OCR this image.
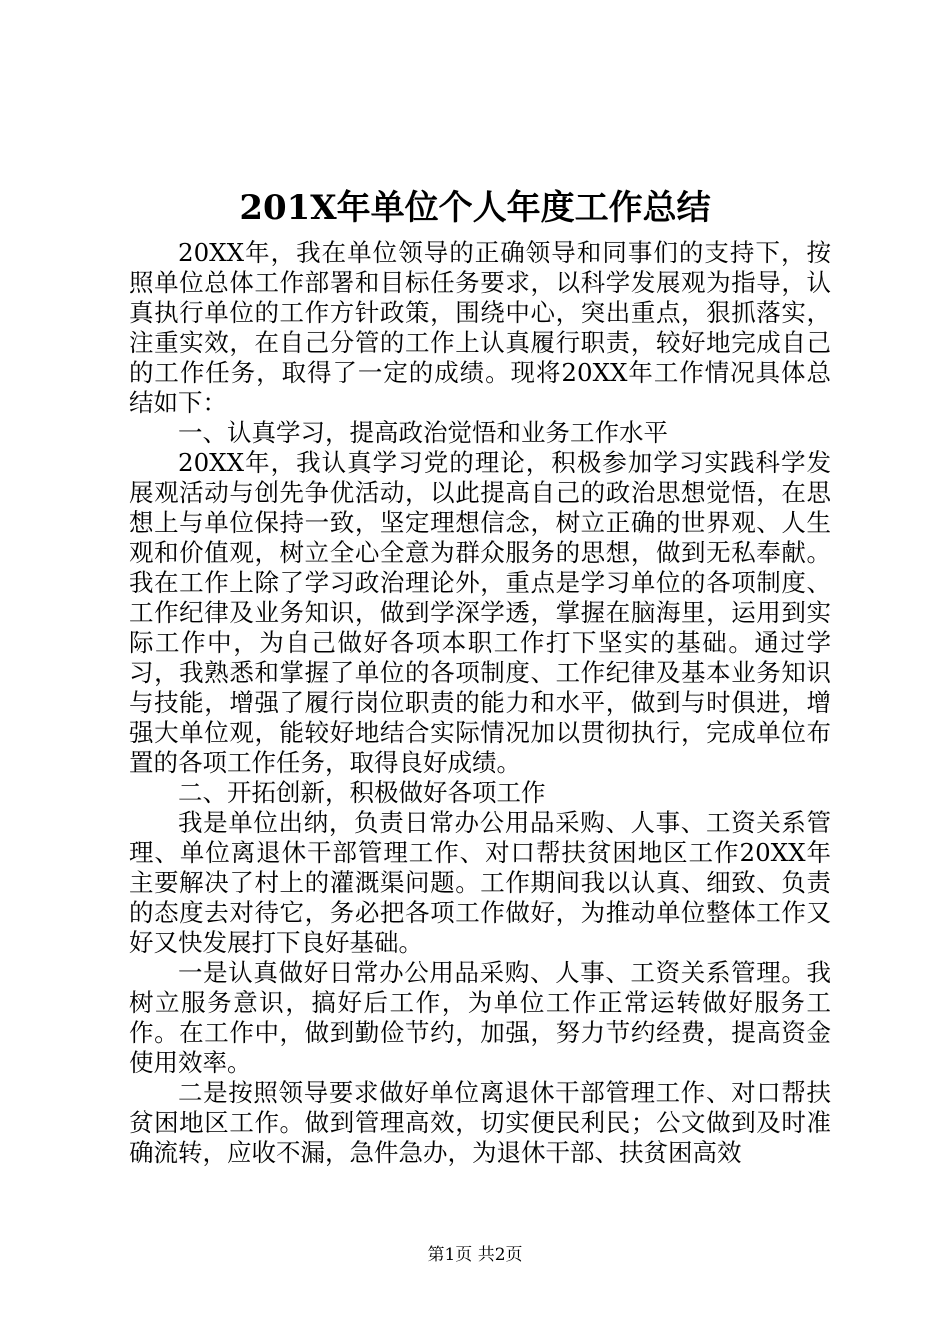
201X年单位个人年度工作总结

20XX年，我在单位领导的正确领导和同事们的支持下，按照单位总体工作部署和目标任务要求，以科学发展观为指导，认真执行单位的工作方针政策，围绕中心，突出重点，狠抓落实，注重实效，在自己分管的工作上认真履行职责，较好地完成自己的工作任务，取得了一定的成绩。现将20XX年工作情况具体总结如下：

一、认真学习，提高政治觉悟和业务工作水平

20XX年，我认真学习党的理论，积极参加学习实践科学发展观活动与创先争优活动，以此提高自己的政治思想觉悟，在思想上与单位保持一致，坚定理想信念，树立正确的世界观、人生观和价值观，树立全心全意为群众服务的思想，做到无私奉献。我在工作上除了学习政治理论外，重点是学习单位的各项制度、工作纪律及业务知识，做到学深学透，掌握在脑海里，运用到实际工作中，为自己做好各项本职工作打下坚实的基础。通过学习，我熟悉和掌握了单位的各项制度、工作纪律及基本业务知识与技能，增强了履行岗位职责的能力和水平，做到与时俱进，增强大单位观，能较好地结合实际情况加以贯彻执行，完成单位布置的各项工作任务，取得良好成绩。

二、开拓创新，积极做好各项工作

我是单位出纳，负责日常办公用品采购、人事、工资关系管理、单位离退休干部管理工作、对口帮扶贫困地区工作20XX年主要解决了村上的灌溉渠问题。工作期间我以认真、细致、负责的态度去对待它，务必把各项工作做好，为推动单位整体工作又好又快发展打下良好基础。

一是认真做好日常办公用品采购、人事、工资关系管理。我树立服务意识，搞好后工作，为单位工作正常运转做好服务工作。在工作中，做到勤俭节约，加强，努力节约经费，提高资金使用效率。

二是按照领导要求做好单位离退休干部管理工作、对口帮扶贫困地区工作。做到管理高效，切实便民利民；公文做到及时准确流转，应收不漏，急件急办，为退休干部、扶贫困高效

第1页 共2页
